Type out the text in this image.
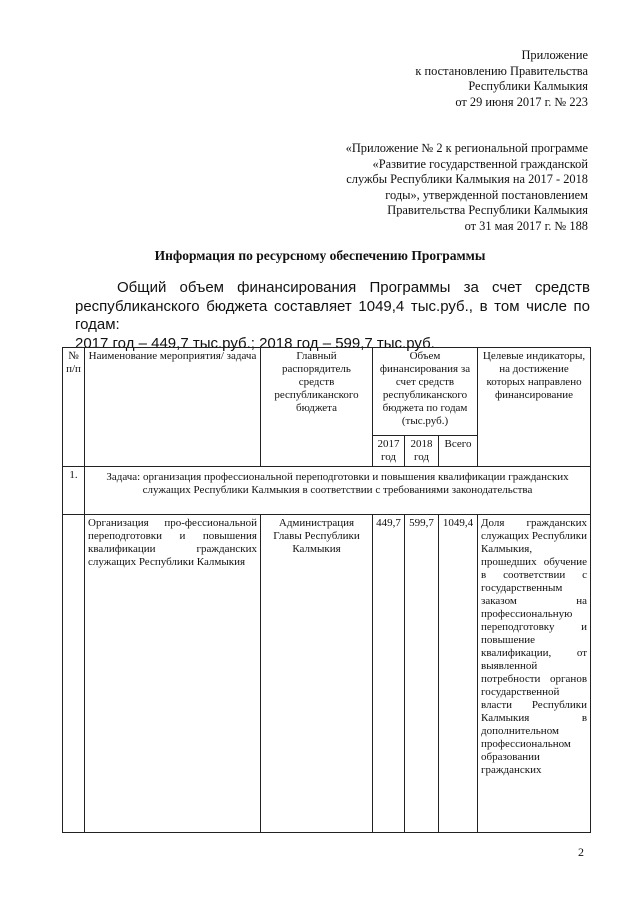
Приложение
к постановлению Правительства
Республики Калмыкия
от 29 июня 2017 г. № 223
«Приложение № 2 к региональной программе
«Развитие государственной гражданской
службы Республики Калмыкия на 2017 - 2018
годы», утвержденной постановлением
Правительства Республики Калмыкия
от 31 мая 2017 г. № 188
Информация по ресурсному обеспечению Программы
Общий объем финансирования Программы за счет средств
республиканского бюджета составляет 1049,4 тыс.руб., в том числе по годам:
2017 год – 449,7 тыс.руб.; 2018 год – 599,7 тыс.руб.
№ п/п	Наименование мероприятия/ задача	Главный распорядитель средств республиканского бюджета	Объем финансирования за счет средств республиканского бюджета по годам (тыс.руб.)			Целевые индикаторы, на достижение которых направлено финансирование
			2017 год	2018 год	Всего	
1.	Задача: организация профессиональной переподготовки и повышения квалификации гражданских служащих Республики Калмыкия в соответствии с требованиями законодательства					
	Организация про-фессиональной переподготовки и повышения квалификации гражданских служащих Республики Калмыкия	Администрация Главы Республики Калмыкия	449,7	599,7	1049,4	Доля гражданских служащих Республики Калмыкия, прошедших обучение в соответствии с государственным заказом на профессиональную переподготовку и повышение квалификации, от выявленной потребности органов государственной власти Республики Калмыкия в дополнительном профессиональном образовании гражданских
2
